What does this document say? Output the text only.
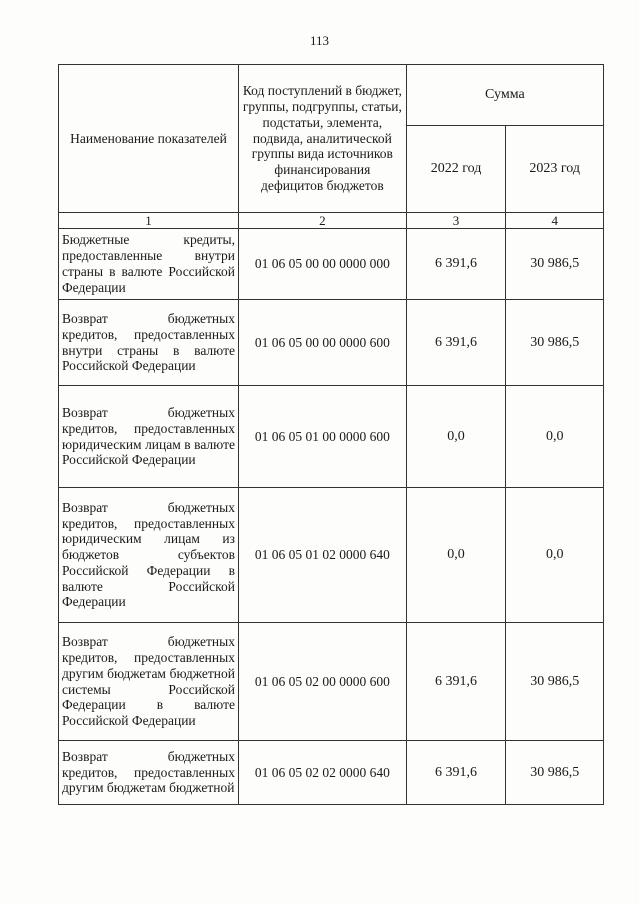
113
Наименование показателей	Код поступлений в бюджет, группы, подгруппы, статьи, подстатьи, элемента, подвида, аналитической группы вида источников финансирования дефицитов бюджетов	Сумма	
		2022 год	2023 год
1	2	3	4
Бюджетные кредиты, предоставленные внутри страны в валюте Российской Федерации	01 06 05 00 00 0000 000	6 391,6	30 986,5
Возврат бюджетных кредитов, предоставленных внутри страны в валюте Российской Федерации	01 06 05 00 00 0000 600	6 391,6	30 986,5
Возврат бюджетных кредитов, предоставленных юридическим лицам в валюте Российской Федерации	01 06 05 01 00 0000 600	0,0	0,0
Возврат бюджетных кредитов, предоставленных юридическим лицам из бюджетов субъектов Российской Федерации в валюте Российской Федерации	01 06 05 01 02 0000 640	0,0	0,0
Возврат бюджетных кредитов, предоставленных другим бюджетам бюджетной системы Российской Федерации в валюте Российской Федерации	01 06 05 02 00 0000 600	6 391,6	30 986,5
Возврат бюджетных кредитов, предоставленных другим бюджетам бюджетной	01 06 05 02 02 0000 640	6 391,6	30 986,5
